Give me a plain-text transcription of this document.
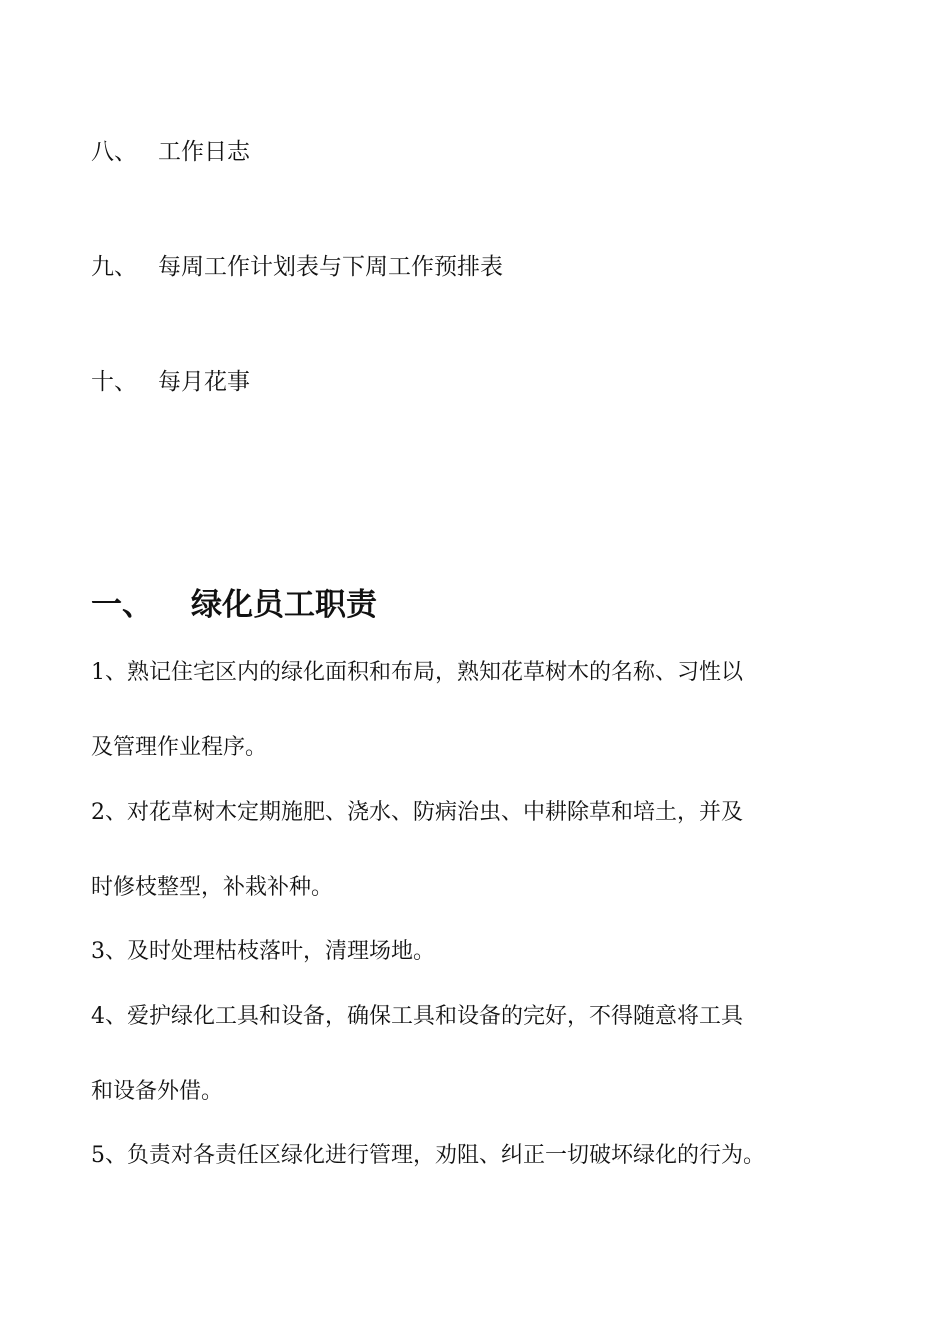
八、 工作日志
九、 每周工作计划表与下周工作预排表
十、 每月花事
一、 绿化员工职责
1、熟记住宅区内的绿化面积和布局，熟知花草树木的名称、习性以
及管理作业程序。
2、对花草树木定期施肥、浇水、防病治虫、中耕除草和培土，并及
时修枝整型，补栽补种。
3、及时处理枯枝落叶，清理场地。
4、爱护绿化工具和设备，确保工具和设备的完好，不得随意将工具
和设备外借。
5、负责对各责任区绿化进行管理，劝阻、纠正一切破坏绿化的行为。
